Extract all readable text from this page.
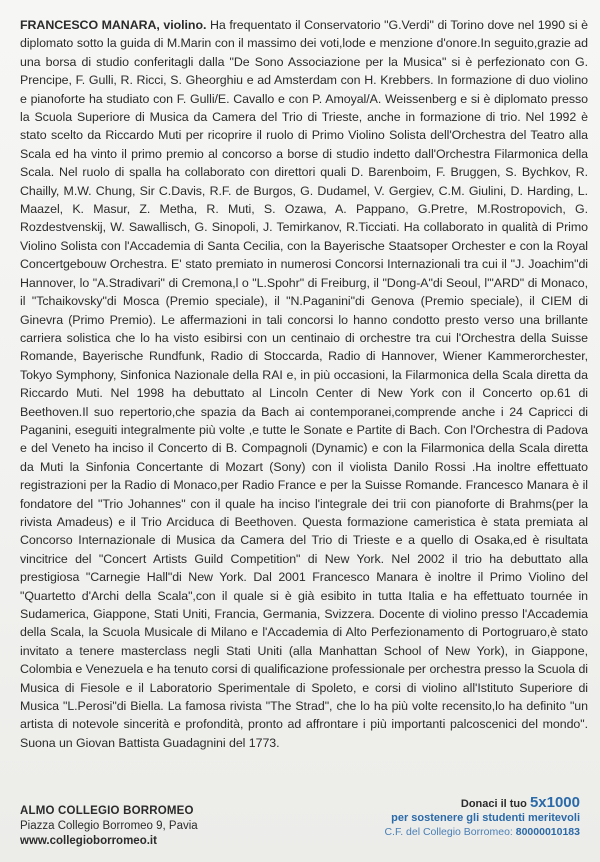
FRANCESCO MANARA, violino. Ha frequentato il Conservatorio "G.Verdi" di Torino dove nel 1990 si è diplomato sotto la guida di M.Marin con il massimo dei voti,lode e menzione d'onore.In seguito,grazie ad una borsa di studio conferitagli dalla "De Sono Associazione per la Musica" si è perfezionato con G. Prencipe, F. Gulli, R. Ricci, S. Gheorghiu e ad Amsterdam con H. Krebbers. In formazione di duo violino e pianoforte ha studiato con F. Gulli/E. Cavallo e con P. Amoyal/A. Weissenberg e si è diplomato presso la Scuola Superiore di Musica da Camera del Trio di Trieste, anche in formazione di trio. Nel 1992 è stato scelto da Riccardo Muti per ricoprire il ruolo di Primo Violino Solista dell'Orchestra del Teatro alla Scala ed ha vinto il primo premio al concorso a borse di studio indetto dall'Orchestra Filarmonica della Scala. Nel ruolo di spalla ha collaborato con direttori quali D. Barenboim, F. Bruggen, S. Bychkov, R. Chailly, M.W. Chung, Sir C.Davis, R.F. de Burgos, G. Dudamel, V. Gergiev, C.M. Giulini, D. Harding, L. Maazel, K. Masur, Z. Metha, R. Muti, S. Ozawa, A. Pappano, G.Pretre, M.Rostropovich, G. Rozdestvenskij, W. Sawallisch, G. Sinopoli, J. Temirkanov, R.Ticciati. Ha collaborato in qualità di Primo Violino Solista con l'Accademia di Santa Cecilia, con la Bayerische Staatsoper Orchester e con la Royal Concertgebouw Orchestra. E' stato premiato in numerosi Concorsi Internazionali tra cui il "J. Joachim"di Hannover, lo "A.Stradivari" di Cremona,l o "L.Spohr" di Freiburg, il "Dong-A"di Seoul, l'"ARD" di Monaco, il "Tchaikovsky"di Mosca (Premio speciale), il "N.Paganini"di Genova (Premio speciale), il CIEM di Ginevra (Primo Premio). Le affermazioni in tali concorsi lo hanno condotto presto verso una brillante carriera solistica che lo ha visto esibirsi con un centinaio di orchestre tra cui l'Orchestra della Suisse Romande, Bayerische Rundfunk, Radio di Stoccarda, Radio di Hannover, Wiener Kammerorchester, Tokyo Symphony, Sinfonica Nazionale della RAI e, in più occasioni, la Filarmonica della Scala diretta da Riccardo Muti. Nel 1998 ha debuttato al Lincoln Center di New York con il Concerto op.61 di Beethoven.Il suo repertorio,che spazia da Bach ai contemporanei,comprende anche i 24 Capricci di Paganini, eseguiti integralmente più volte ,e tutte le Sonate e Partite di Bach. Con l'Orchestra di Padova e del Veneto ha inciso il Concerto di B. Compagnoli (Dynamic) e con la Filarmonica della Scala diretta da Muti la Sinfonia Concertante di Mozart (Sony) con il violista Danilo Rossi .Ha inoltre effettuato registrazioni per la Radio di Monaco,per Radio France e per la Suisse Romande. Francesco Manara è il fondatore del "Trio Johannes" con il quale ha inciso l'integrale dei trii con pianoforte di Brahms(per la rivista Amadeus) e il Trio Arciduca di Beethoven. Questa formazione cameristica è stata premiata al Concorso Internazionale di Musica da Camera del Trio di Trieste e a quello di Osaka,ed è risultata vincitrice del "Concert Artists Guild Competition" di New York. Nel 2002 il trio ha debuttato alla prestigiosa "Carnegie Hall"di New York. Dal 2001 Francesco Manara è inoltre il Primo Violino del "Quartetto d'Archi della Scala",con il quale si è già esibito in tutta Italia e ha effettuato tournée in Sudamerica, Giappone, Stati Uniti, Francia, Germania, Svizzera. Docente di violino presso l'Accademia della Scala, la Scuola Musicale di Milano e l'Accademia di Alto Perfezionamento di Portogruaro,è stato invitato a tenere masterclass negli Stati Uniti (alla Manhattan School of New York), in Giappone, Colombia e Venezuela e ha tenuto corsi di qualificazione professionale per orchestra presso la Scuola di Musica di Fiesole e il Laboratorio Sperimentale di Spoleto, e corsi di violino all'Istituto Superiore di Musica "L.Perosi"di Biella. La famosa rivista "The Strad", che lo ha più volte recensito,lo ha definito "un artista di notevole sincerità e profondità, pronto ad affrontare i più importanti palcoscenici del mondo". Suona un Giovan Battista Guadagnini del 1773.

ALMO COLLEGIO BORROMEO
Piazza Collegio Borromeo 9, Pavia
www.collegioborromeo.it
Donaci il tuo 5x1000
per sostenere gli studenti meritevoli
C.F. del Collegio Borromeo: 80000010183
